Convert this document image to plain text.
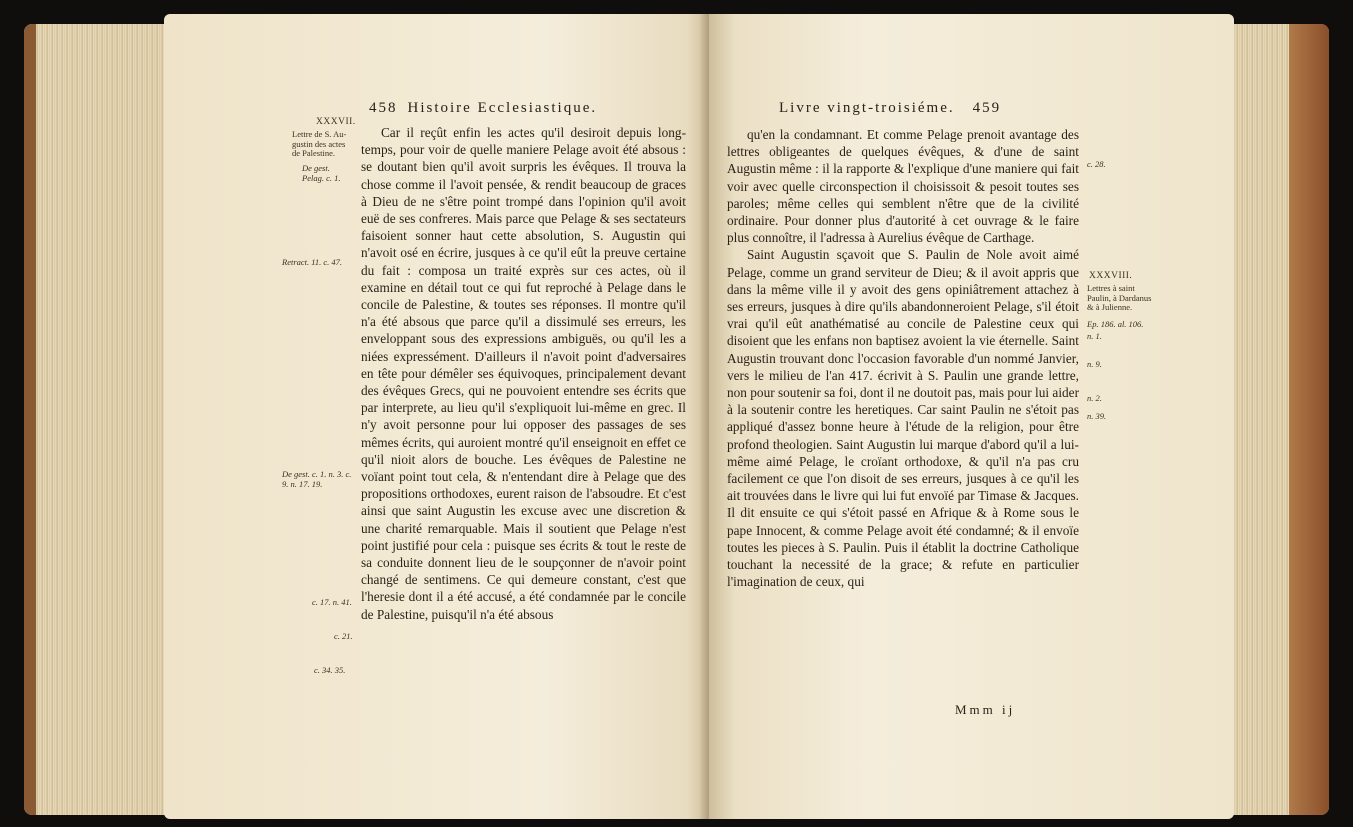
458 Histoire Ecclesiastique.
XXXVII.
Lettre de S. Au-gustin des actes de Palestine.
De gest. Pelag. c. 1.
Retract. 11. c. 47.
De gest. c. 1. n. 3. c. 9. n. 17. 19.
c. 17. n. 41.
c. 21.
c. 34. 35.

Car il reçût enfin les actes qu'il desiroit depuis long-temps, pour voir de quelle maniere Pelage avoit été absous : se doutant bien qu'il avoit surpris les évêques. Il trouva la chose comme il l'avoit pensée, & rendit beaucoup de graces à Dieu de ne s'être point trompé dans l'opinion qu'il avoit euë de ses confreres. Mais parce que Pelage & ses sectateurs faisoient sonner haut cette absolution, S. Augustin qui n'avoit osé en écrire, jusques à ce qu'il eût la preuve certaine du fait : composa un traité exprès sur ces actes, où il examine en détail tout ce qui fut reproché à Pelage dans le concile de Palestine, & toutes ses réponses. Il montre qu'il n'a été absous que parce qu'il a dissimulé ses erreurs, les enveloppant sous des expressions ambiguës, ou qu'il les a niées expressément. D'ailleurs il n'avoit point d'adversaires en tête pour démêler ses équivoques, principalement devant des évêques Grecs, qui ne pouvoient entendre ses écrits que par interprete, au lieu qu'il s'expliquoit lui-même en grec. Il n'y avoit personne pour lui opposer des passages de ses mêmes écrits, qui auroient montré qu'il enseignoit en effet ce qu'il nioit alors de bouche. Les évêques de Palestine ne voïant point tout cela, & n'entendant dire à Pelage que des propositions orthodoxes, eurent raison de l'absoudre. Et c'est ainsi que saint Augustin les excuse avec une discretion & une charité remarquable. Mais il soutient que Pelage n'est point justifié pour cela : puisque ses écrits & tout le reste de sa conduite donnent lieu de le soupçonner de n'avoir point changé de sentimens. Ce qui demeure constant, c'est que l'heresie dont il a été accusé, a été condamnée par le concile de Palestine, puisqu'il n'a été absous

Livre vingt-troisiéme. 459

qu'en la condamnant. Et comme Pelage prenoit avantage des lettres obligeantes de quelques évêques, & d'une de saint Augustin même : il la rapporte & l'explique d'une maniere qui fait voir avec quelle circonspection il choisissoit & pesoit toutes ses paroles; même celles qui semblent n'être que de la civilité ordinaire. Pour donner plus d'autorité à cet ouvrage & le faire plus connoître, il l'adressa à Aurelius évêque de Carthage.

Saint Augustin sçavoit que S. Paulin de Nole avoit aimé Pelage, comme un grand serviteur de Dieu; & il avoit appris que dans la même ville il y avoit des gens opiniâtrement attachez à ses erreurs, jusques à dire qu'ils abandonneroient Pelage, s'il étoit vrai qu'il eût anathématisé au concile de Palestine ceux qui disoient que les enfans non baptisez avoient la vie éternelle. Saint Augustin trouvant donc l'occasion favorable d'un nommé Janvier, vers le milieu de l'an 417. écrivit à S. Paulin une grande lettre, non pour soutenir sa foi, dont il ne doutoit pas, mais pour lui aider à la soutenir contre les heretiques. Car saint Paulin ne s'étoit pas appliqué d'assez bonne heure à l'étude de la religion, pour être profond theologien. Saint Augustin lui marque d'abord qu'il a lui-même aimé Pelage, le croïant orthodoxe, & qu'il n'a pas cru facilement ce que l'on disoit de ses erreurs, jusques à ce qu'il les ait trouvées dans le livre qui lui fut envoïé par Timase & Jacques. Il dit ensuite ce qui s'étoit passé en Afrique & à Rome sous le pape Innocent, & comme Pelage avoit été condamné; & il envoïe toutes les pieces à S. Paulin. Puis il établit la doctrine Catholique touchant la necessité de la grace; & refute en particulier l'imagination de ceux, qui

c. 28.
XXXVIII.
Lettres à saint Paulin, à Dardanus & à Julienne.
Ep. 186. al. 106.
n. 1.
n. 9.
n. 2.
n. 39.
Mmm ij
